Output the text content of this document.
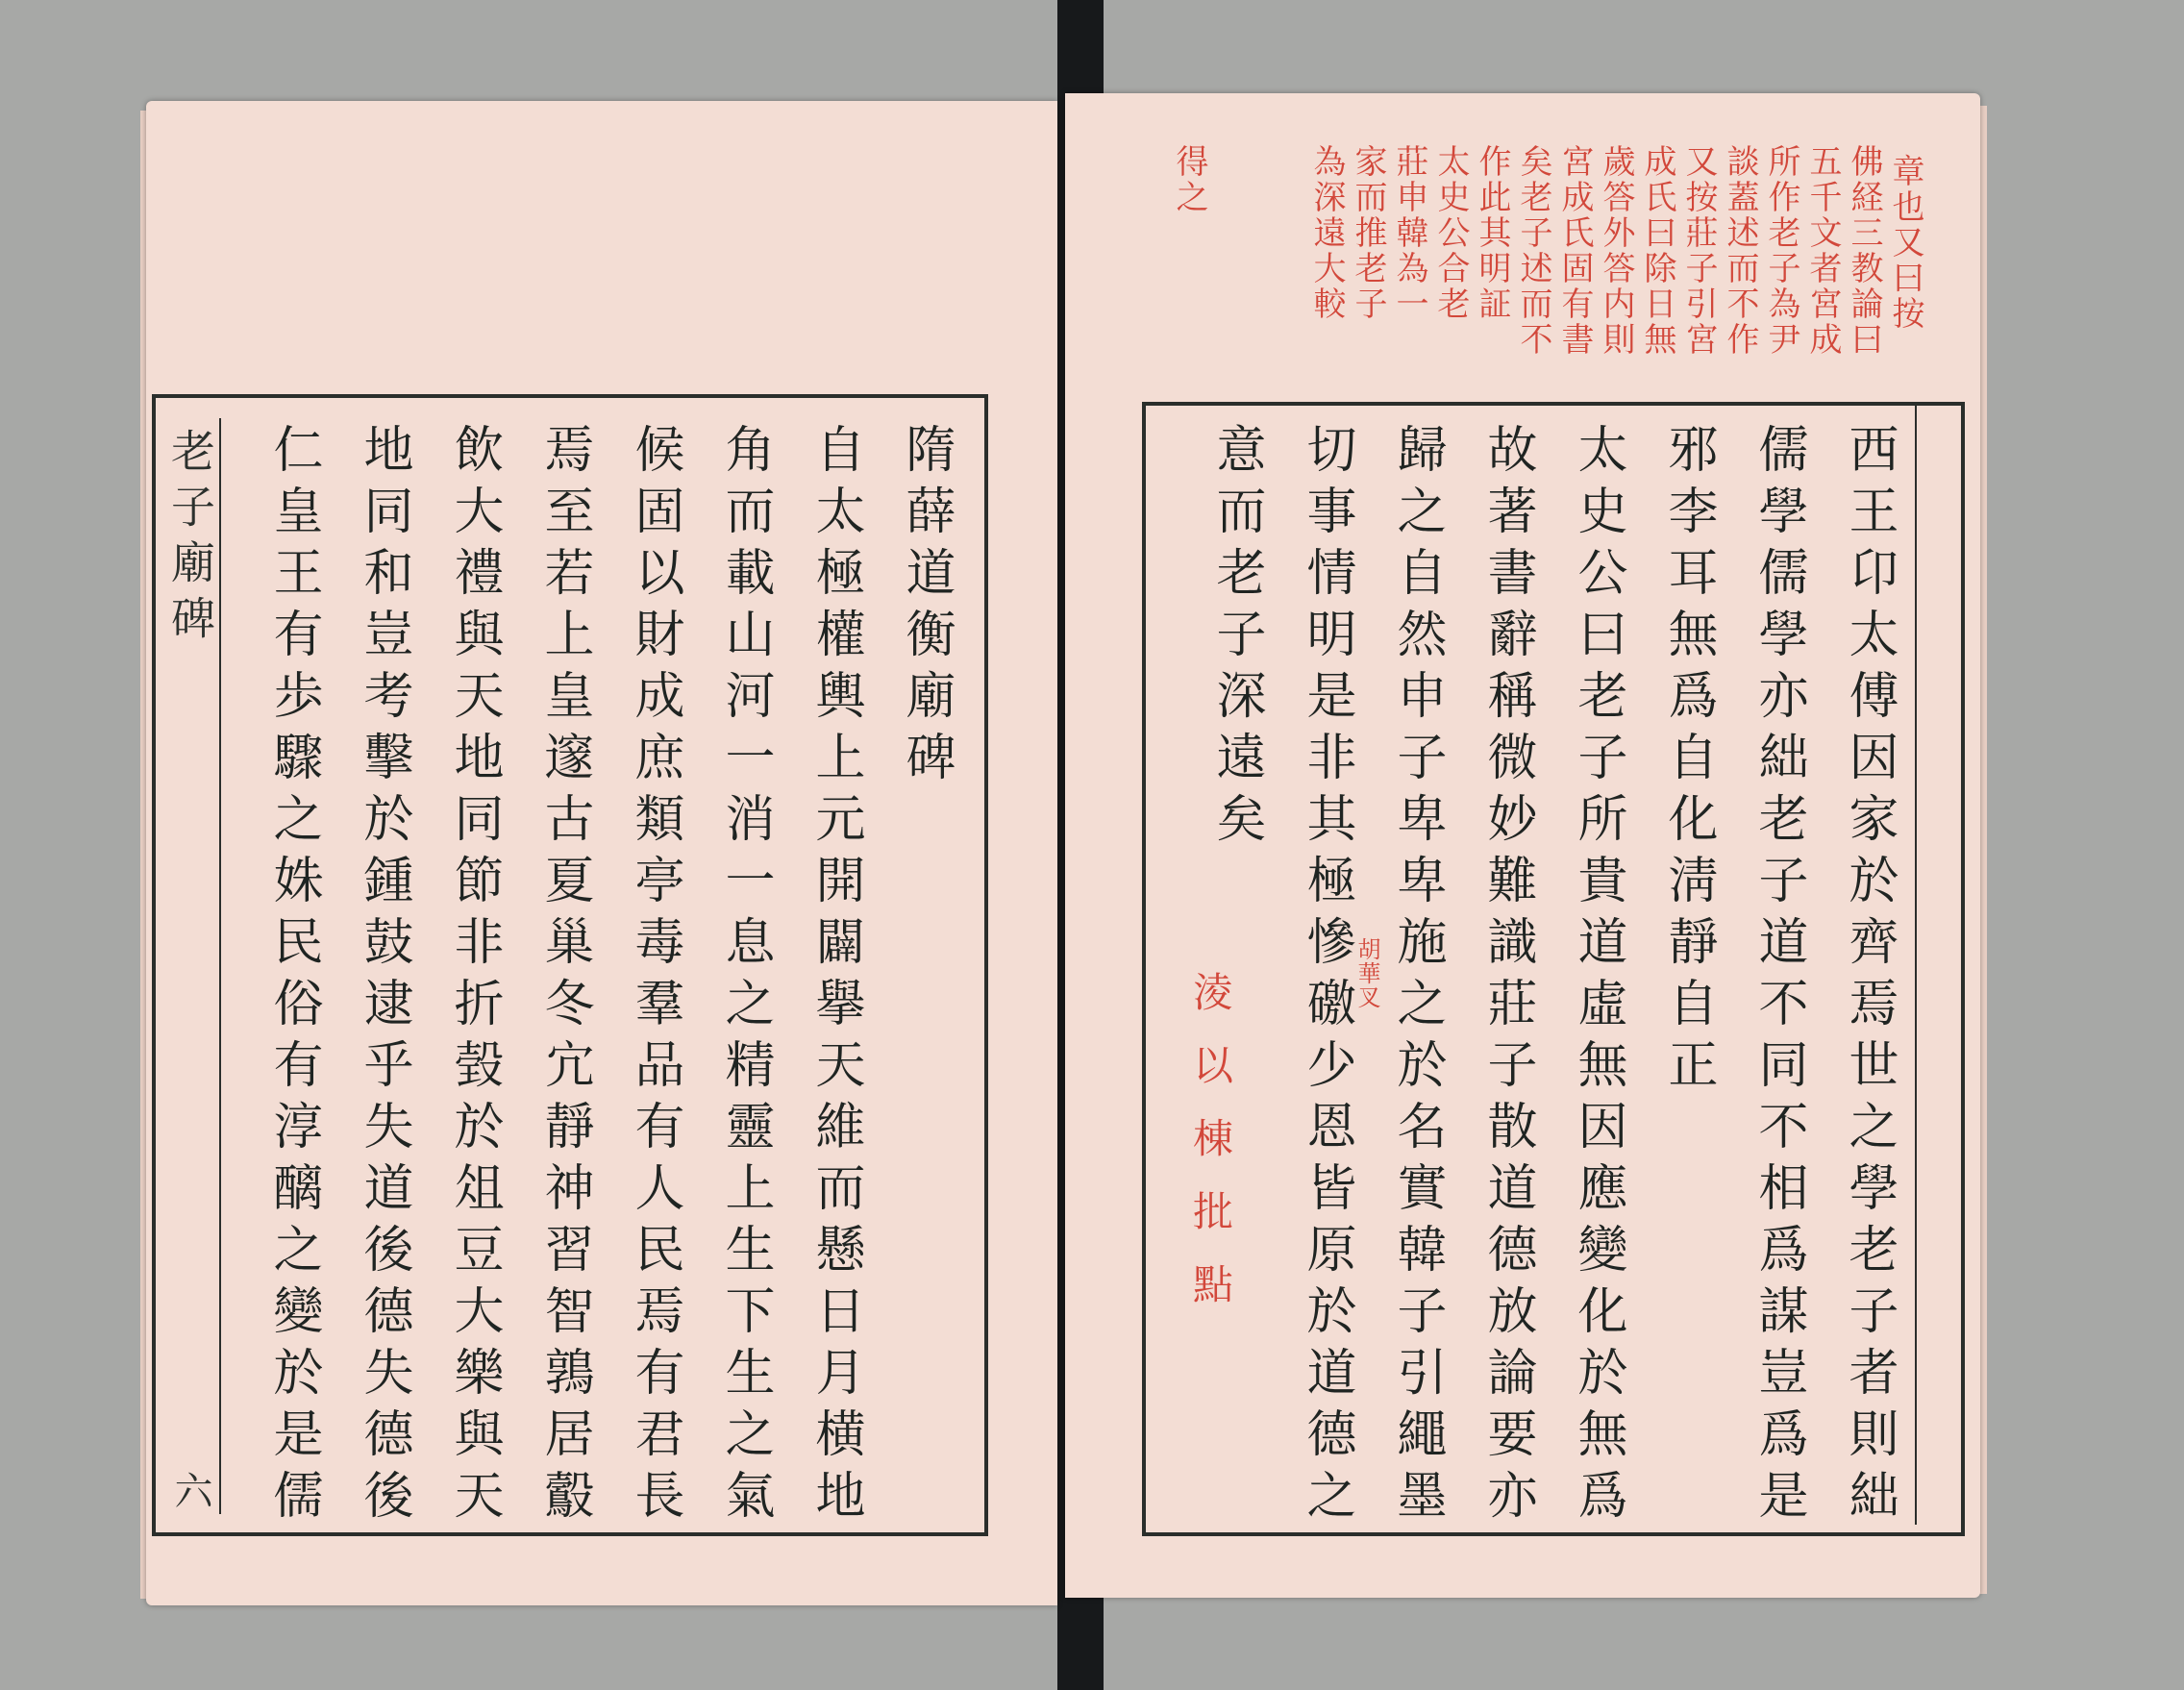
老子廟碑
六
隋薛道衡廟碑
自太極權輿上元開闢擧天維而懸日月横地
角而載山河一消一息之精靈上生下生之氣
候固以財成庶類亭毒羣品有人民焉有君長
焉至若上皇邃古夏巢冬宂靜神習智鶉居鷇
飲大禮與天地同節非折㲄於俎豆大樂與天
地同和豈考擊於鍾鼓逮乎失道後德失德後
仁皇王有歩驟之姝民俗有淳醨之變於是儒
章也又曰按
佛経三教論曰
五千文者宮成
所作老子為尹
談蓋述而不作
又按莊子引宮
成氏曰除日無
歲答外答内則
宮成氏固有書
矣老子述而不
作此其明証
太史公合老
莊申韓為一
家而推老子
為深遠大較
得之
西王卬太傅因家於齊焉世之學老子者則絀
儒學儒學亦絀老子道不同不相爲謀豈爲是
邪李耳無爲自化淸靜自正
太史公曰老子所貴道虛無因應變化於無爲
故著書辭稱微妙難識莊子散道德放論要亦
歸之自然申子卑卑施之於名實韓子引繩墨
切事情明是非其極慘礉少恩皆原於道德之
意而老子深遠矣
胡華叉
淩以棟批點
